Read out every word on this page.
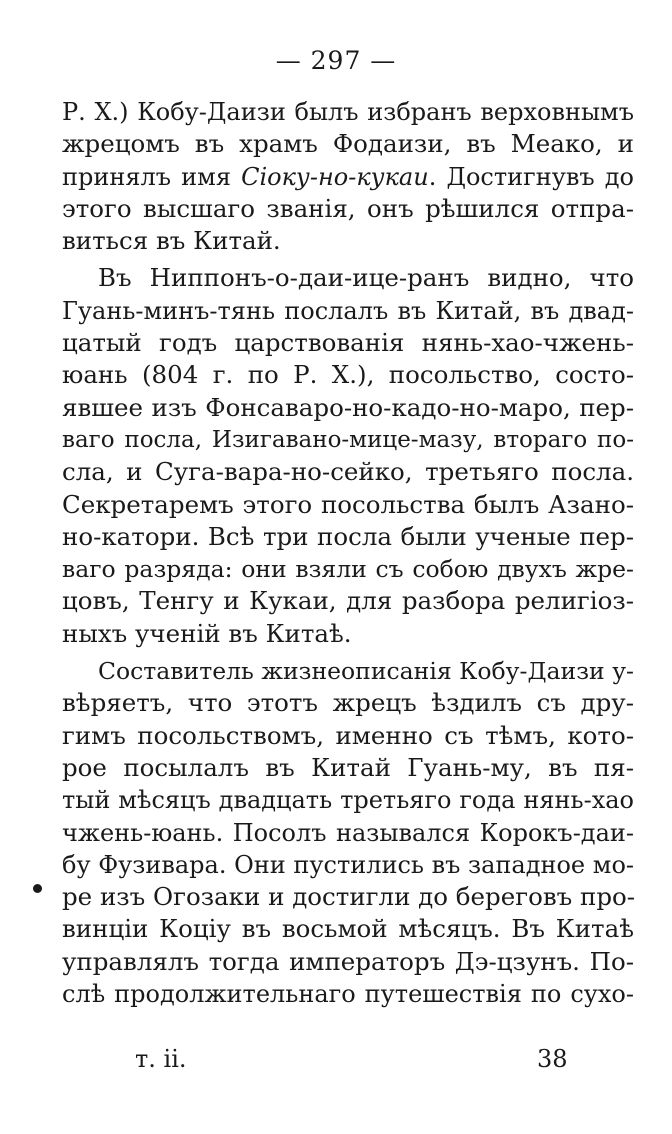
— 297 —
Р. Х.) Кобу-Даизи былъ избранъ верховнымъ
жрецомъ въ храмъ Фодаизи, въ Меако, и
принялъ имя Сіоку-но-кукаи. Достигнувъ до
этого высшаго званія, онъ рѣшился отпра-
виться въ Китай.
Въ Ниппонъ-о-даи-ице-ранъ видно, что
Гуань-минъ-тянь послалъ въ Китай, въ двад-
цатый годъ царствованія нянь-хао-чжень-
юань (804 г. по Р. Х.), посольство, состо-
явшее изъ Фонсаваро-но-кадо-но-маро, пер-
ваго посла, Изигавано-мице-мазу, втораго по-
сла, и Суга-вара-но-сейко, третьяго посла.
Секретаремъ этого посольства былъ Азано-
но-катори. Всѣ три посла были ученые пер-
ваго разряда: они взяли съ собою двухъ жре-
цовъ, Тенгу и Кукаи, для разбора религіоз-
ныхъ ученій въ Китаѣ.
Составитель жизнеописанія Кобу-Даизи у-
вѣряетъ, что этотъ жрецъ ѣздилъ съ дру-
гимъ посольствомъ, именно съ тѣмъ, кото-
рое посылалъ въ Китай Гуань-му, въ пя-
тый мѣсяцъ двадцать третьяго года нянь-хао
чжень-юань. Посолъ назывался Корокъ-даи-
бу Фузивара. Они пустились въ западное мо-
ре изъ Огозаки и достигли до береговъ про-
винціи Коціу въ восьмой мѣсяцъ. Въ Китаѣ
управлялъ тогда императоръ Дэ-цзунъ. По-
слѣ продолжительнаго путешествія по сухо-
т. ii.	38
